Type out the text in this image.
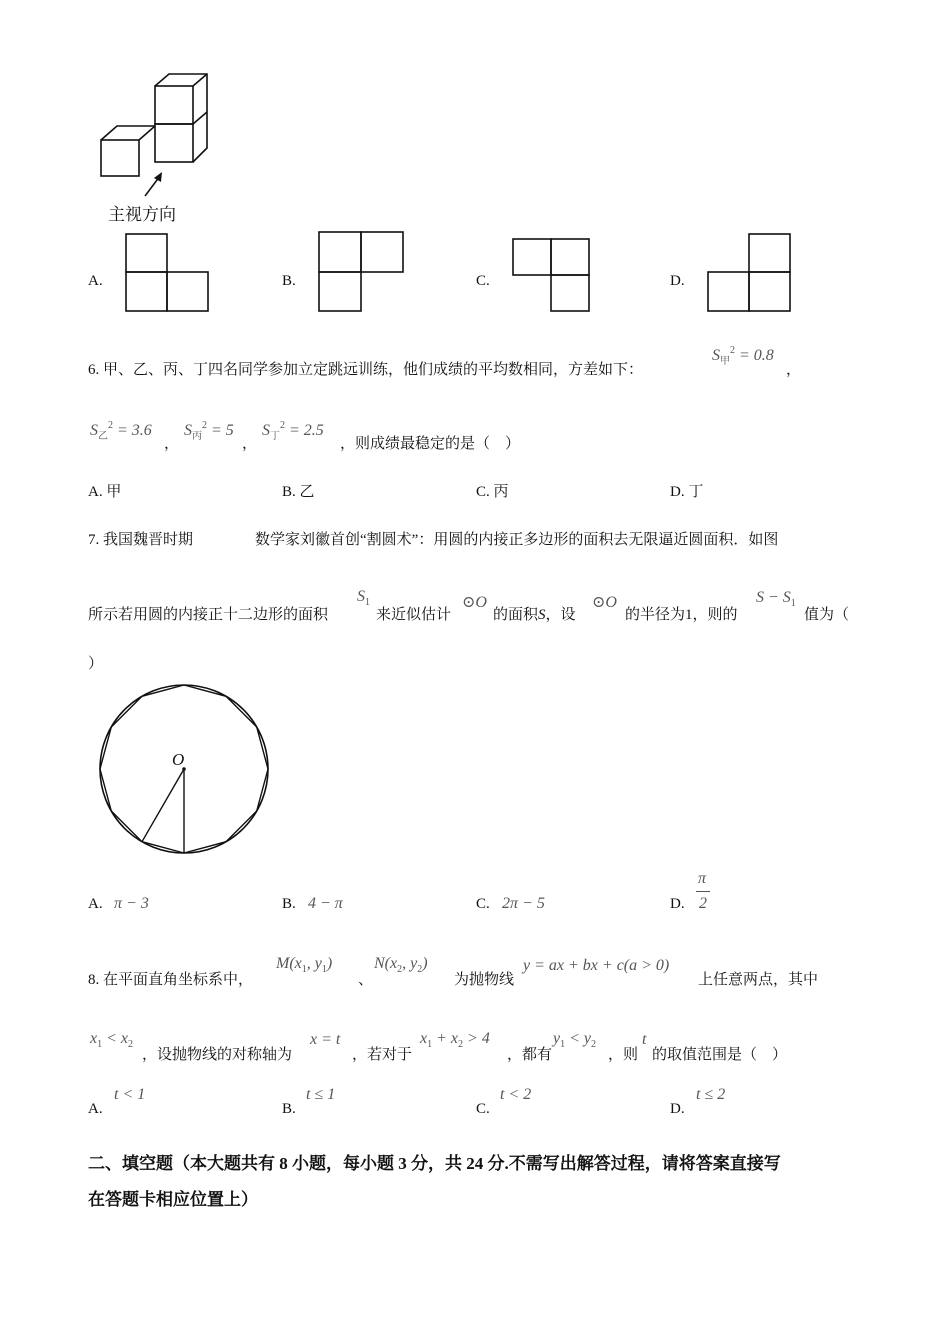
主视方向
A.	B.	C.	D.
6. 甲、乙、丙、丁四名同学参加立定跳远训练，他们成绩的平均数相同，方差如下：
$S_甲^2 = 0.8$
，
$S_乙^2 = 3.6$
，
$S_丙^2 = 5$
，
$S_丁^2 = 2.5$
，则成绩最稳定的是（　）
A. 甲	B. 乙	C. 丙	D. 丁
7. 我国魏晋时期	数学家刘徽首创“割圆术”：用圆的内接正多边形的面积去无限逼近圆面积．如图
所示若用圆的内接正十二边形的面积
$S_1$
来近似估计
⊙O
的面积S，设
⊙O
的半径为1，则的
$S - S_1$
值为（
）
O
A. π − 3	B. 4 − π	C. 2π − 5	D.
π
2
8. 在平面直角坐标系中，
$M(x_1$, $y_1$)
、
$N(x_2$, $y_2$)
为抛物线
y = ax + bx + c(a > 0)
上任意两点，其中
$x_1 < x_2$
，设抛物线的对称轴为
x = t
，若对于
$x_1 + x_2 > 4$
，都有
$y_1 < y_2$
，则
t
的取值范围是（　）
A.
t < 1
B.
t ≤ 1
C.
t < 2
D.
t ≤ 2
二、填空题（本大题共有 8 小题，每小题 3 分，共 24 分.不需写出解答过程，请将答案直接写
在答题卡相应位置上）
